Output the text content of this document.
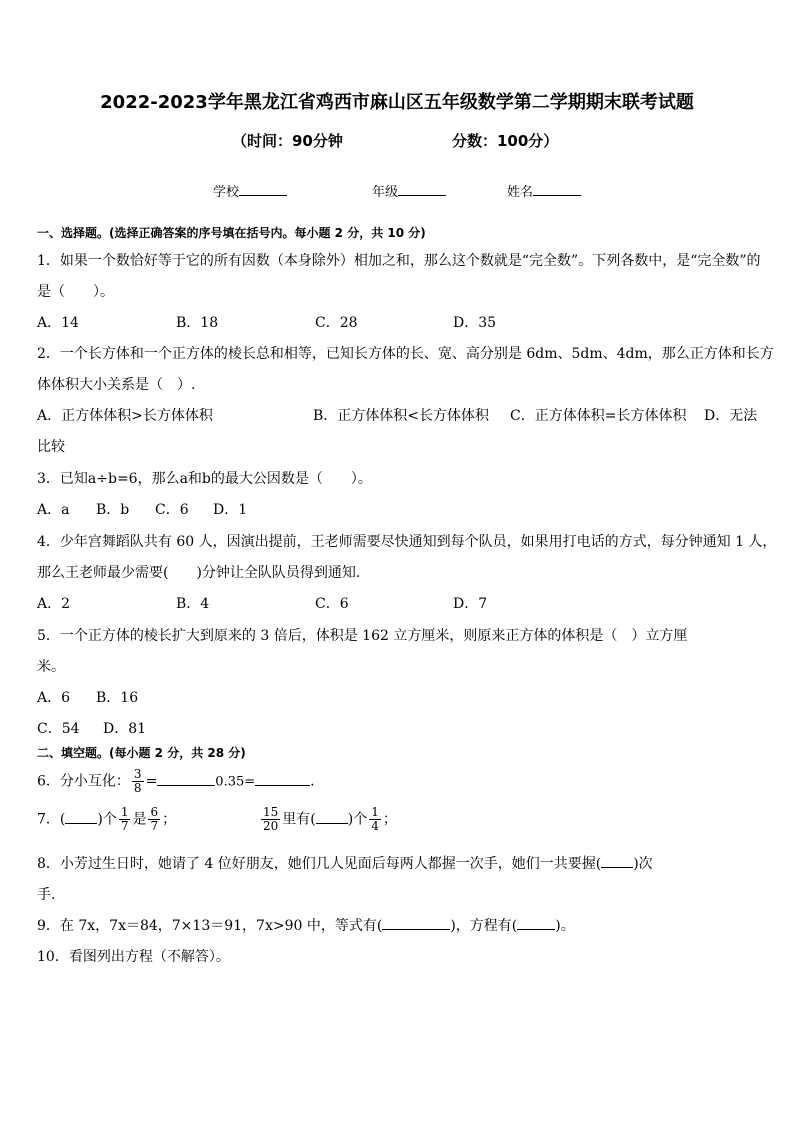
2022-2023学年黑龙江省鸡西市麻山区五年级数学第二学期期末联考试题
（时间：90分钟	分数：100分）
学校	年级	姓名
一、选择题。(选择正确答案的序号填在括号内。每小题 2 分，共 10 分)
1．如果一个数恰好等于它的所有因数（本身除外）相加之和，那么这个数就是“完全数”。下列各数中，是“完全数”的
是（　　）。
A．14	B．18	C．28	D．35
2．一个长方体和一个正方体的棱长总和相等，已知长方体的长、宽、高分别是 6dm、5dm、4dm，那么正方体和长方
体体积大小关系是（　）.
A．正方体体积>长方体体积	B．正方体体积<长方体体积 C．正方体体积=长方体体积 D．无法
比较
3．已知a÷b=6，那么a和b的最大公因数是（　　）。
A．a B．b C．6 D．1
4．少年宫舞蹈队共有 60 人，因演出提前，王老师需要尽快通知到每个队员，如果用打电话的方式，每分钟通知 1 人，
那么王老师最少需要(　　)分钟让全队队员得到通知.
A．2	B．4	C．6	D．7
5．一个正方体的棱长扩大到原来的 3 倍后，体积是 162 立方厘米，则原来正方体的体积是（　）立方厘
米。
A．6 B．16
C．54 D．81
二、填空题。(每小题 2 分，共 28 分)
6．分小互化： $\frac{3}{8}$ =	0.35=	.
7．( )个 $\frac{1}{7}$ 是 $\frac{6}{7}$ ；	$\frac{15}{20}$ 里有( )个 $\frac{1}{4}$ ；
8．小芳过生日时，她请了 4 位好朋友，她们几人见面后每两人都握一次手，她们一共要握( )次
手.
9．在 7x，7x＝84，7×13＝91，7x>90 中，等式有(	)，方程有(	)。
10．看图列出方程（不解答）。
